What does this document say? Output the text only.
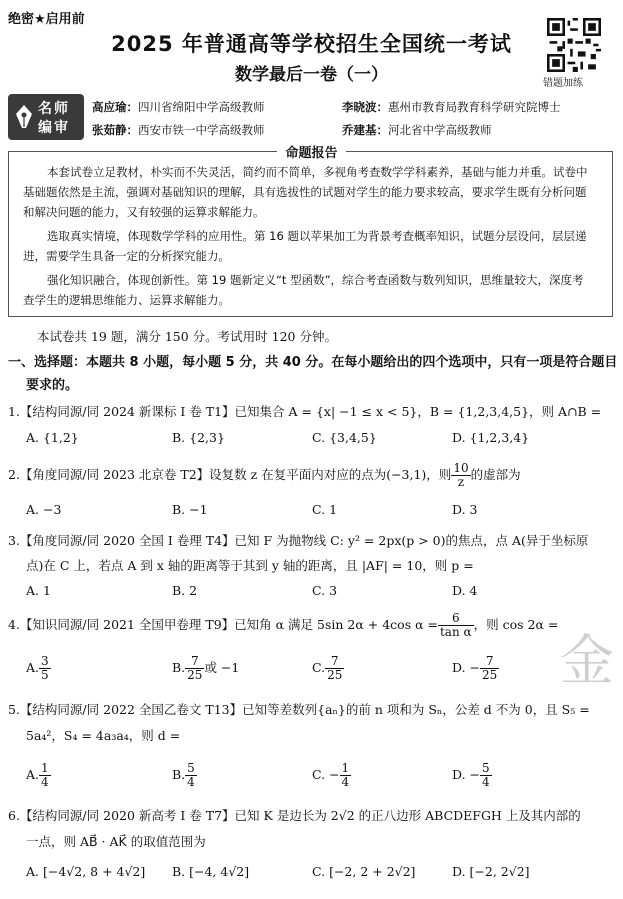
绝密★启用前
2025 年普通高等学校招生全国统一考试
数学最后一卷（一）	错题加练
名师
编审
高应瑜：四川省绵阳中学高级教师	李晓波：惠州市教育局教育科学研究院博士
张茹静：西安市铁一中学高级教师	乔建基：河北省中学高级教师
本套试卷立足教材，朴实而不失灵活，简约而不简单，多视角考查数学学科素养，基础与能力并重。试卷中
基础题依然是主流，强调对基础知识的理解，具有选拔性的试题对学生的能力要求较高，要求学生既有分析问题
和解决问题的能力，又有较强的运算求解能力。
选取真实情境，体现数学学科的应用性。第 16 题以苹果加工为背景考查概率知识，试题分层设问，层层递
进，需要学生具备一定的分析探究能力。
强化知识融合，体现创新性。第 19 题新定义“t 型函数”，综合考查函数与数列知识，思维量较大，深度考
查学生的逻辑思维能力、运算求解能力。
命题报告
本试卷共 19 题，满分 150 分。考试用时 120 分钟。
一、选择题：本题共 8 小题，每小题 5 分，共 40 分。在每小题给出的四个选项中，只有一项是符合题目
要求的。
1.【结构同源/同 2024 新课标 I 卷 T1】已知集合 A = {x| −1 ≤ x < 5}，B = {1,2,3,4,5}，则 A∩B =
A. {1,2}	B. {2,3}	C. {3,4,5}	D. {1,2,3,4}
2.【角度同源/同 2023 北京卷 T2】设复数 z 在复平面内对应的点为(−3,1)，则 $\frac{10}{z}$ 的虚部为
A. −3	B. −1	C. 1	D. 3
3.【角度同源/同 2020 全国 I 卷理 T4】已知 F 为抛物线 C: y² = 2px(p > 0)的焦点，点 A(异于坐标原
点)在 C 上，若点 A 到 x 轴的距离等于其到 y 轴的距离，且 |AF| = 10，则 p =
A. 1	B. 2	C. 3	D. 4
4.【知识同源/同 2021 全国甲卷理 T9】已知角 α 满足 5sin 2α + 4cos $\alpha = \frac{6}{\text{tan α}}$ ，则 cos 2α =
A. $\frac{3}{5}$	B. $\frac{7}{25}$ 或 −1	C. $\frac{7}{25}$	D. − $\frac{7}{25}$ 金
5.【结构同源/同 2022 全国乙卷文 T13】已知等差数列{aₙ}的前 n 项和为 Sₙ，公差 d 不为 0，且 S₅ =
5a₄²，S₄ = 4a₃a₄，则 d =
A. $\frac{1}{4}$	B. $\frac{5}{4}$	C. − $\frac{1}{4}$	D. − $\frac{5}{4}$
6.【结构同源/同 2020 新高考 I 卷 T7】已知 K 是边长为 2√2 的正八边形 ABCDEFGH 上及其内部的
一点，则 AB⃗ · AK⃗ 的取值范围为
A. [−4√2, 8 + 4√2] B. [−4, 4√2]	C. [−2, 2 + 2√2]	D. [−2, 2√2]
